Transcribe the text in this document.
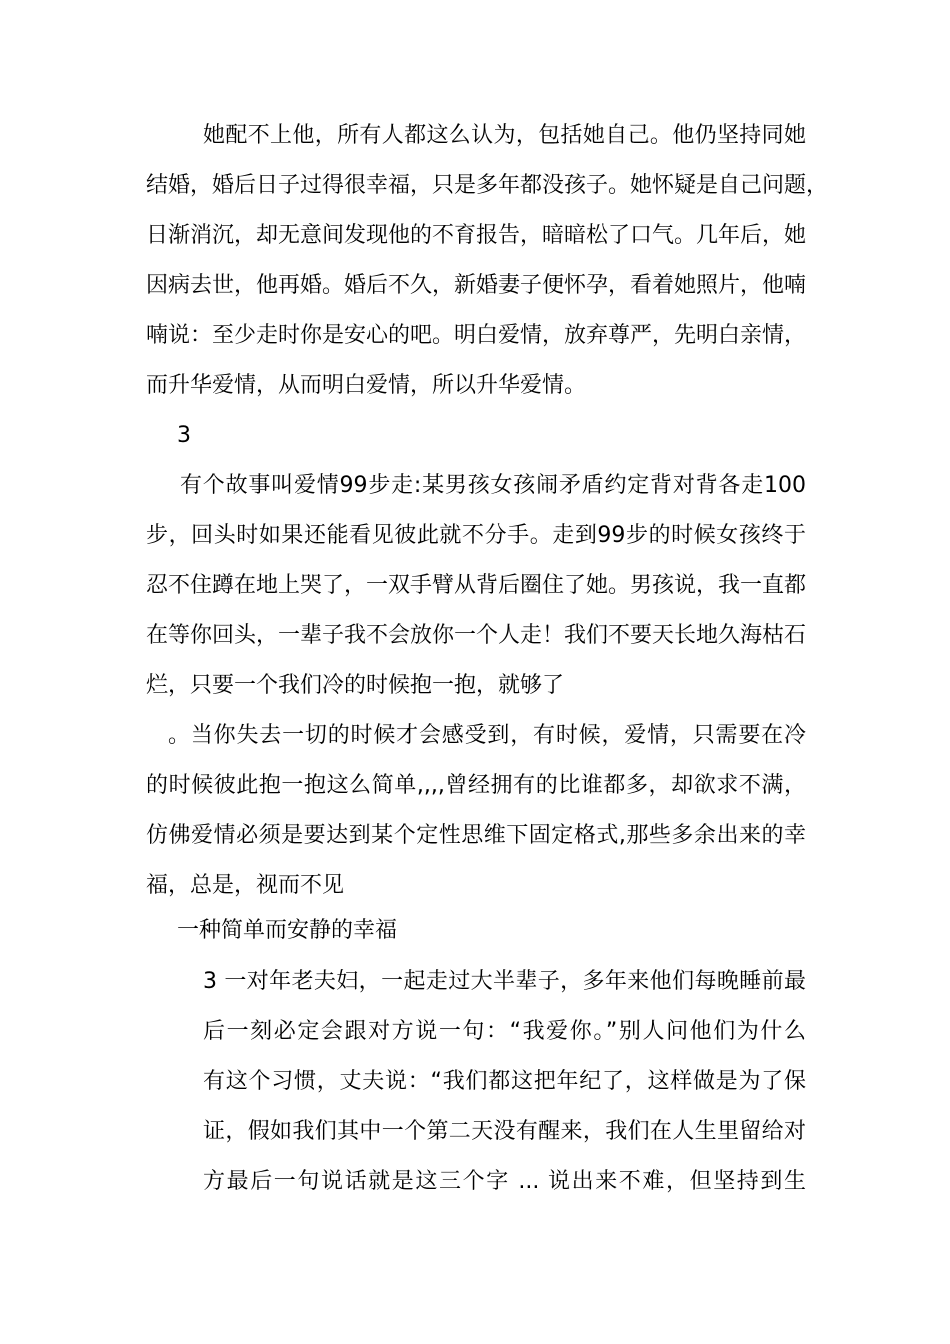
她配不上他，所有人都这么认为，包括她自己。他仍坚持同她
结婚，婚后日子过得很幸福，只是多年都没孩子。她怀疑是自己问题，
日渐消沉，却无意间发现他的不育报告，暗暗松了口气。几年后，她
因病去世，他再婚。婚后不久，新婚妻子便怀孕，看着她照片，他喃
喃说：至少走时你是安心的吧。明白爱情，放弃尊严，先明白亲情，
而升华爱情，从而明白爱情，所以升华爱情。
3
有个故事叫爱情99步走:某男孩女孩闹矛盾约定背对背各走100
步，回头时如果还能看见彼此就不分手。走到99步的时候女孩终于
忍不住蹲在地上哭了，一双手臂从背后圈住了她。男孩说，我一直都
在等你回头，一辈子我不会放你一个人走！我们不要天长地久海枯石
烂，只要一个我们冷的时候抱一抱，就够了
。当你失去一切的时候才会感受到，有时候，爱情，只需要在冷
的时候彼此抱一抱这么简单,,,,曾经拥有的比谁都多，却欲求不满，
仿佛爱情必须是要达到某个定性思维下固定格式,那些多余出来的幸
福，总是，视而不见
一种简单而安静的幸福
3 一对年老夫妇，一起走过大半辈子，多年来他们每晚睡前最
后一刻必定会跟对方说一句：“我爱你。”别人问他们为什么
有这个习惯，丈夫说：“我们都这把年纪了，这样做是为了保
证，假如我们其中一个第二天没有醒来，我们在人生里留给对
方最后一句说话就是这三个字 ... 说出来不难，但坚持到生
